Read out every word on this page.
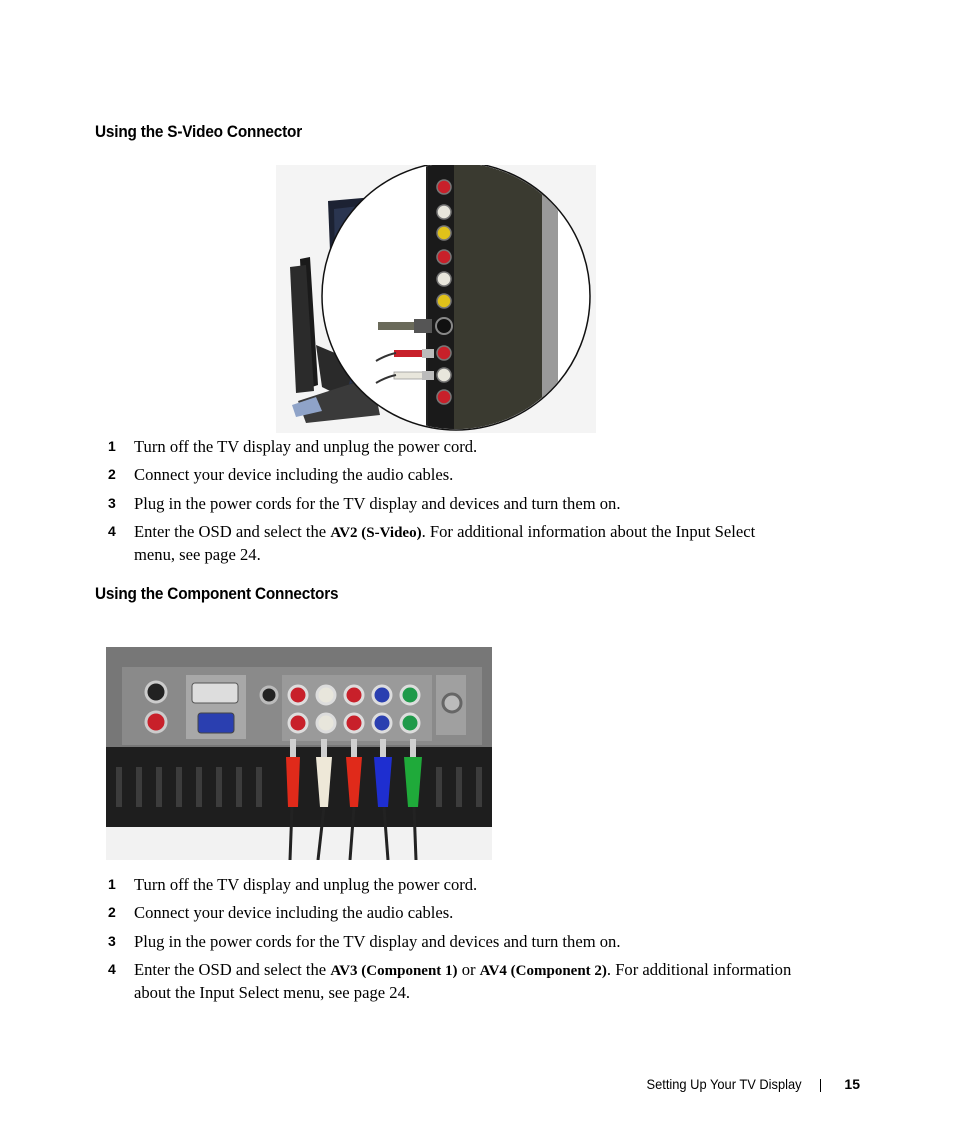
Using the S-Video Connector
1 Turn off the TV display and unplug the power cord.
2 Connect your device including the audio cables.
3 Plug in the power cords for the TV display and devices and turn them on.
4 Enter the OSD and select the AV2 (S-Video). For additional information about the Input Select menu, see page 24.
Using the Component Connectors
1 Turn off the TV display and unplug the power cord.
2 Connect your device including the audio cables.
3 Plug in the power cords for the TV display and devices and turn them on.
4 Enter the OSD and select the AV3 (Component 1) or AV4 (Component 2). For additional information about the Input Select menu, see page 24.
Setting Up Your TV Display	15
